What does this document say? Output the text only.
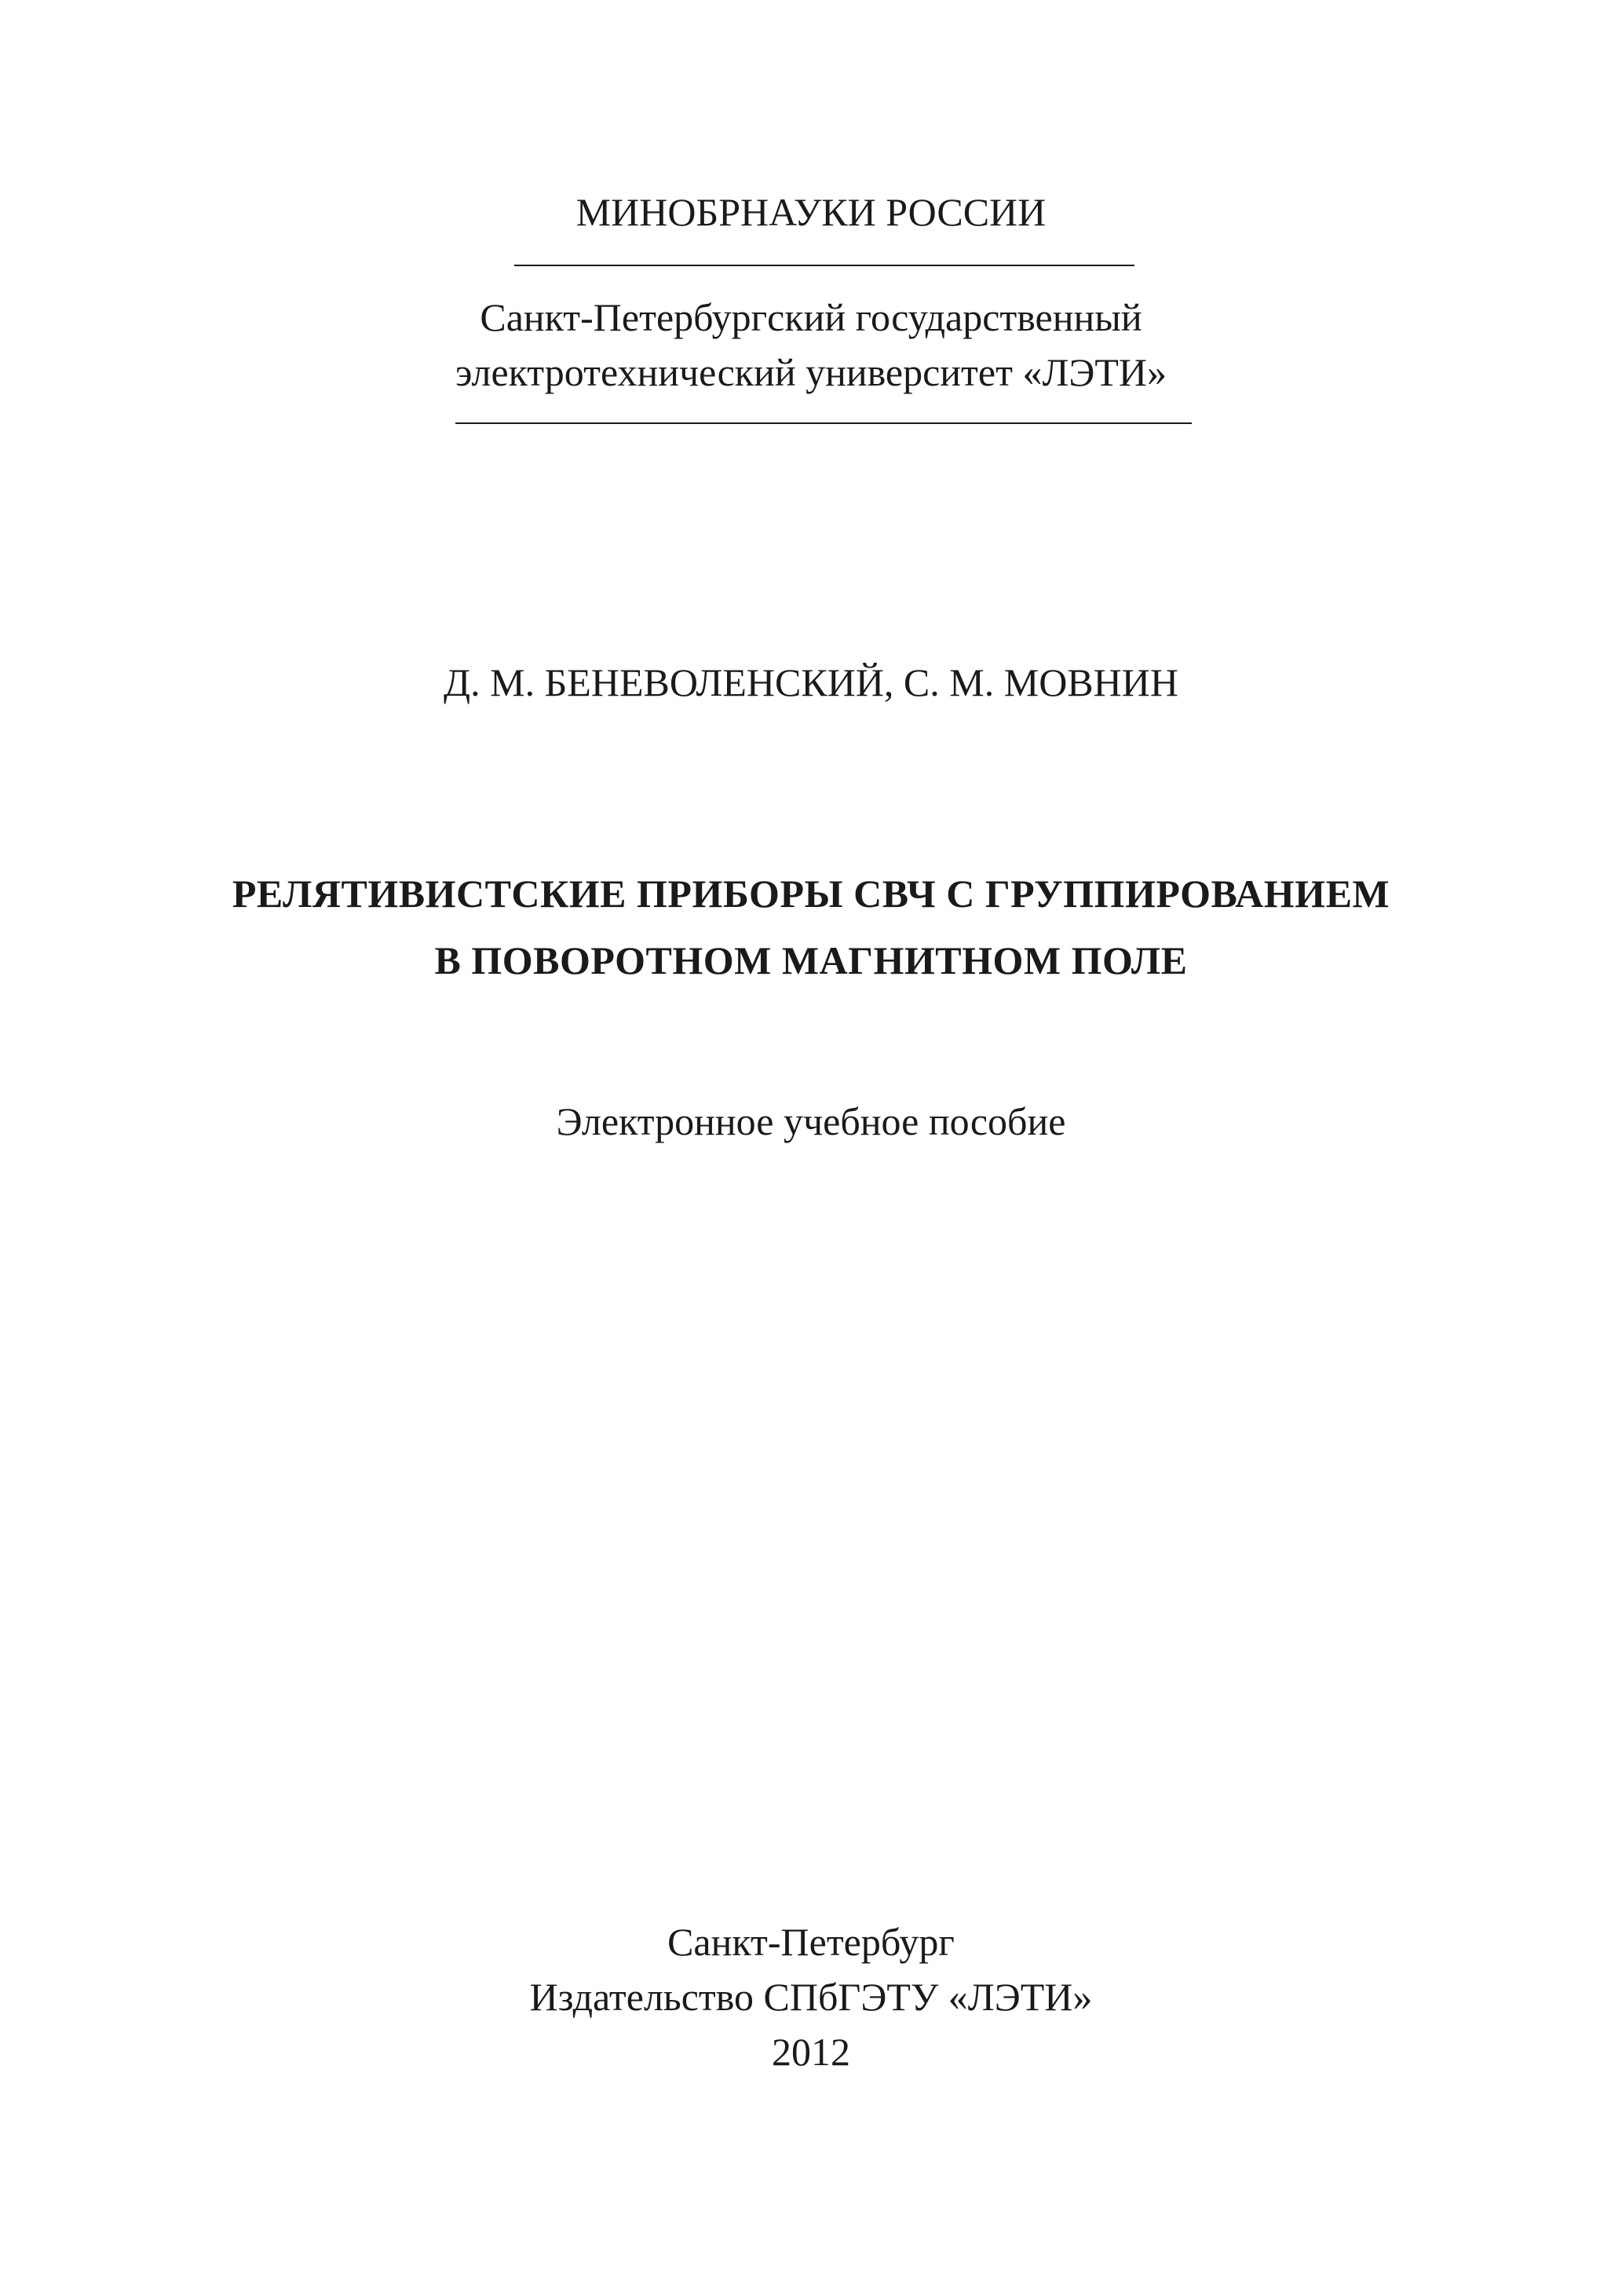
МИНОБРНАУКИ РОССИИ
Санкт-Петербургский государственный
электротехнический университет «ЛЭТИ»
Д. М. БЕНЕВОЛЕНСКИЙ, С. М. МОВНИН
РЕЛЯТИВИСТСКИЕ ПРИБОРЫ СВЧ С ГРУППИРОВАНИЕМ
В ПОВОРОТНОМ МАГНИТНОМ ПОЛЕ
Электронное учебное пособие
Санкт-Петербург
Издательство СПбГЭТУ «ЛЭТИ»
2012
